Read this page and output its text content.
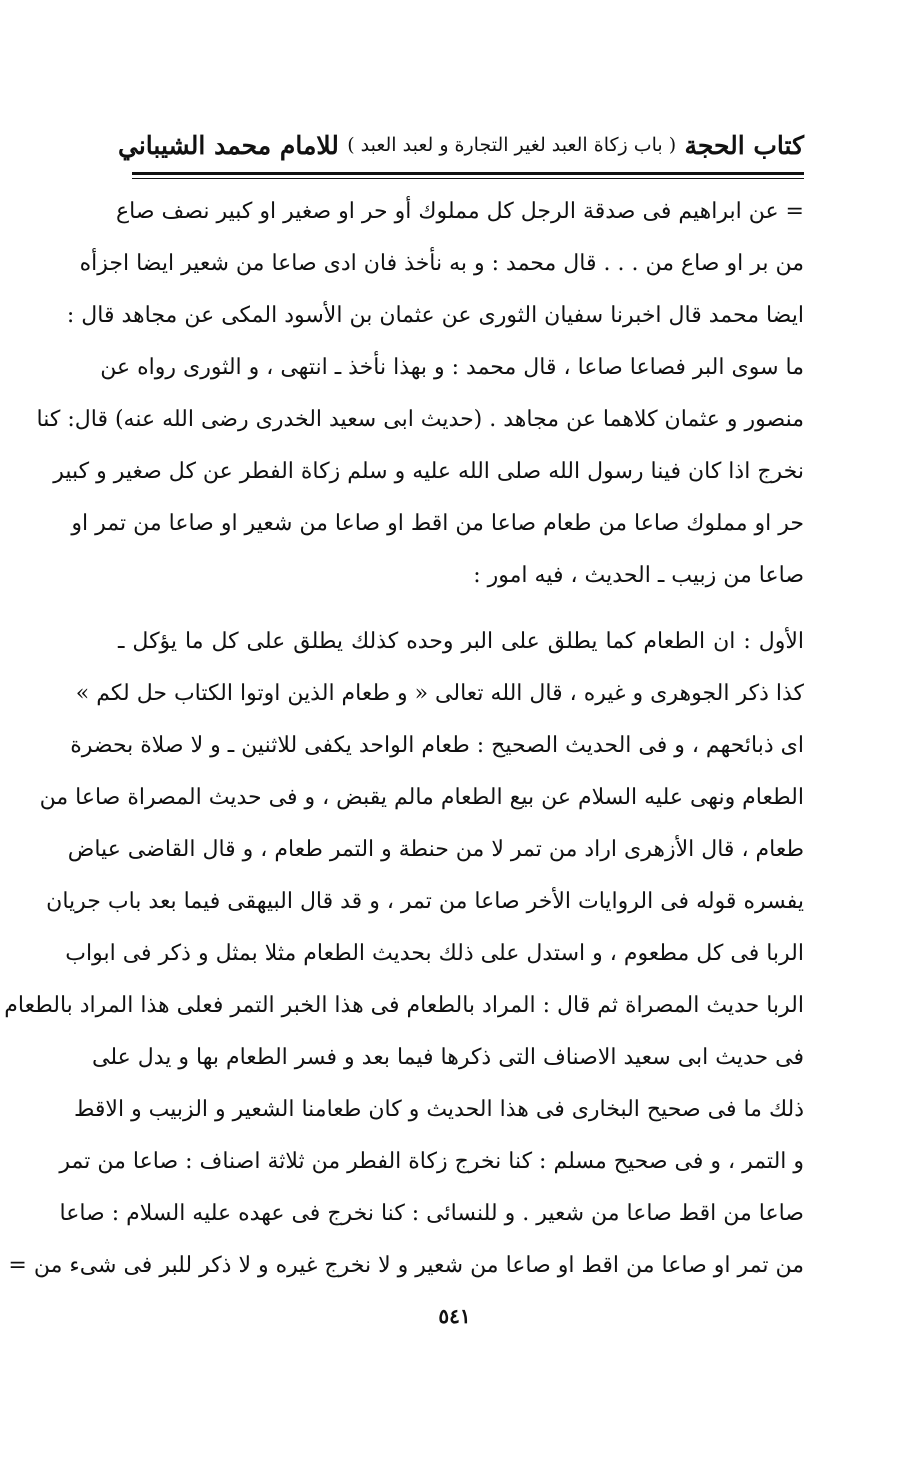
كتاب الحجة
( باب زكاة العبد لغير التجارة و لعبد العبد )
للامام محمد الشيباني
= عن ابراهيم فى صدقة الرجل كل مملوك أو حر او صغير او كبير نصف صاع
من بر او صاع من . . . قال محمد : و به نأخذ فان ادى صاعا من شعير ايضا اجزأه
ايضا محمد قال اخبرنا سفيان الثورى عن عثمان بن الأسود المكى عن مجاهد قال :
ما سوى البر فصاعا صاعا ، قال محمد : و بهذا نأخذ ـ انتهى ، و الثورى رواه عن
منصور و عثمان كلاهما عن مجاهد . (حديث ابى سعيد الخدرى رضى الله عنه) قال: كنا
نخرج اذا كان فينا رسول الله صلى الله عليه و سلم زكاة الفطر عن كل صغير و كبير
حر او مملوك صاعا من طعام صاعا من اقط او صاعا من شعير او صاعا من تمر او
صاعا من زبيب ـ الحديث ، فيه امور :
الأول : ان الطعام كما يطلق على البر وحده كذلك يطلق على كل ما يؤكل ـ
كذا ذكر الجوهرى و غيره ، قال الله تعالى « و طعام الذين اوتوا الكتاب حل لكم »
اى ذبائحهم ، و فى الحديث الصحيح : طعام الواحد يكفى للاثنين ـ و لا صلاة بحضرة
الطعام ونهى عليه السلام عن بيع الطعام مالم يقبض ، و فى حديث المصراة صاعا من
طعام ، قال الأزهرى اراد من تمر لا من حنطة و التمر طعام ، و قال القاضى عياض
يفسره قوله فى الروايات الأخر صاعا من تمر ، و قد قال البيهقى فيما بعد باب جريان
الربا فى كل مطعوم ، و استدل على ذلك بحديث الطعام مثلا بمثل و ذكر فى ابواب
الربا حديث المصراة ثم قال : المراد بالطعام فى هذا الخبر التمر فعلى هذا المراد بالطعام
فى حديث ابى سعيد الاصناف التى ذكرها فيما بعد و فسر الطعام بها و يدل على
ذلك ما فى صحيح البخارى فى هذا الحديث و كان طعامنا الشعير و الزبيب و الاقط
و التمر ، و فى صحيح مسلم : كنا نخرج زكاة الفطر من ثلاثة اصناف : صاعا من تمر
صاعا من اقط صاعا من شعير . و للنسائى : كنا نخرج فى عهده عليه السلام : صاعا
من تمر او صاعا من اقط او صاعا من شعير و لا نخرج غيره و لا ذكر للبر فى شىء من =
٥٤١
